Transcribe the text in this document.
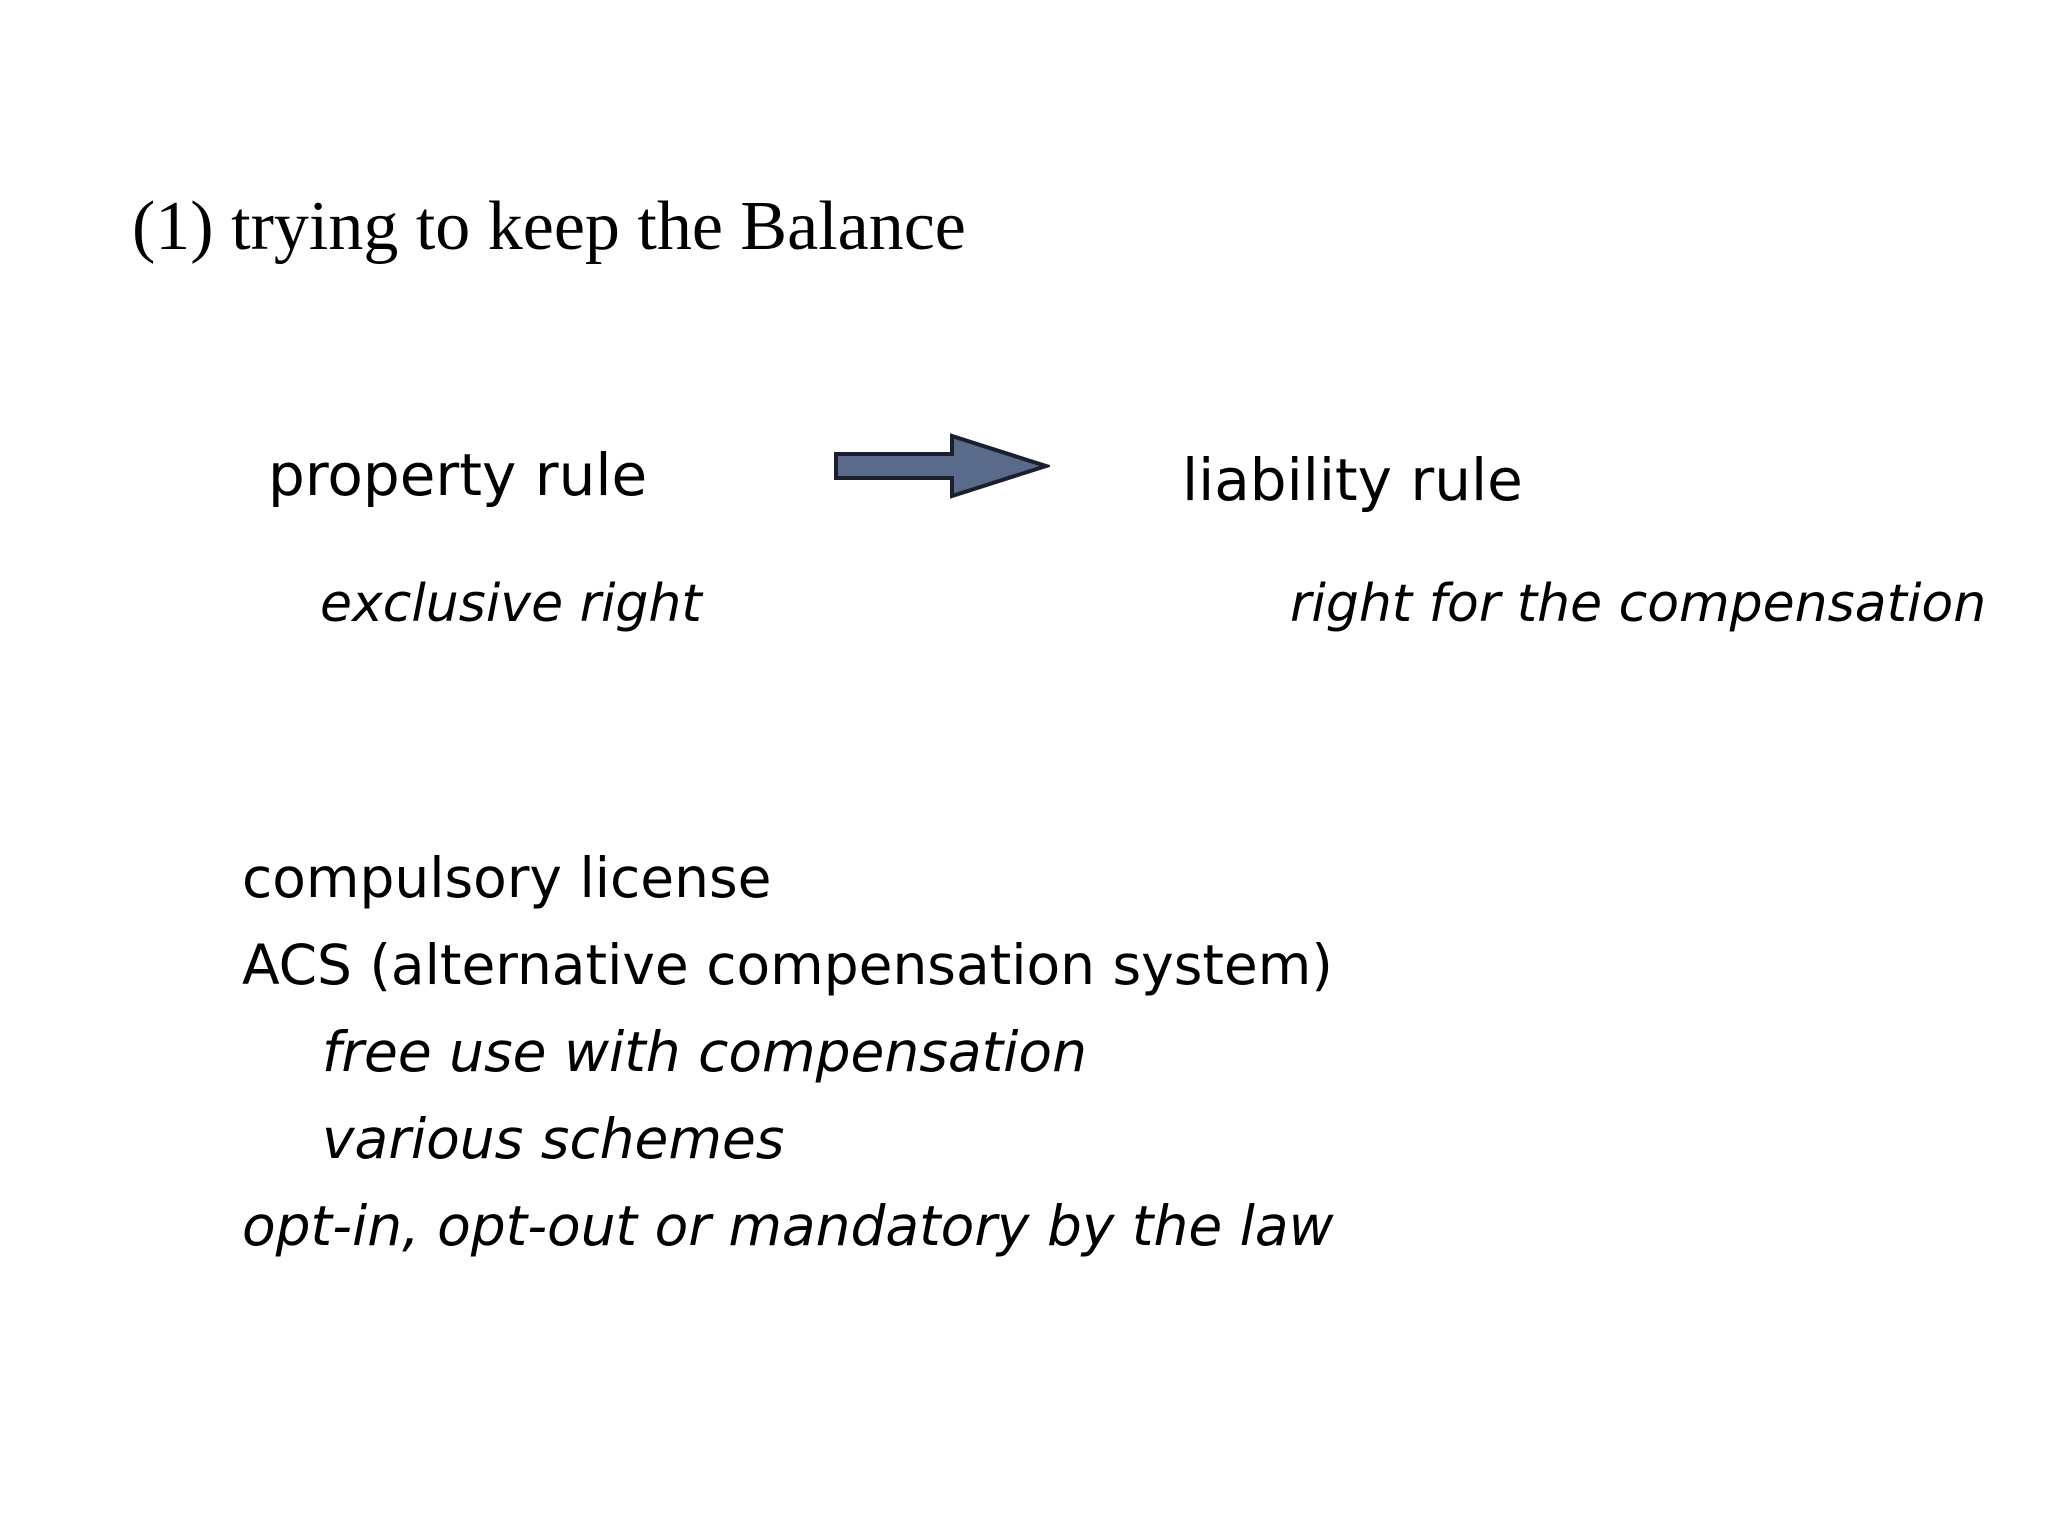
(1) trying to keep the Balance
property rule	liability rule
exclusive right	right for the compensation
compulsory license
ACS (alternative compensation system)
free use with compensation
various schemes
opt-in, opt-out or mandatory by the law
